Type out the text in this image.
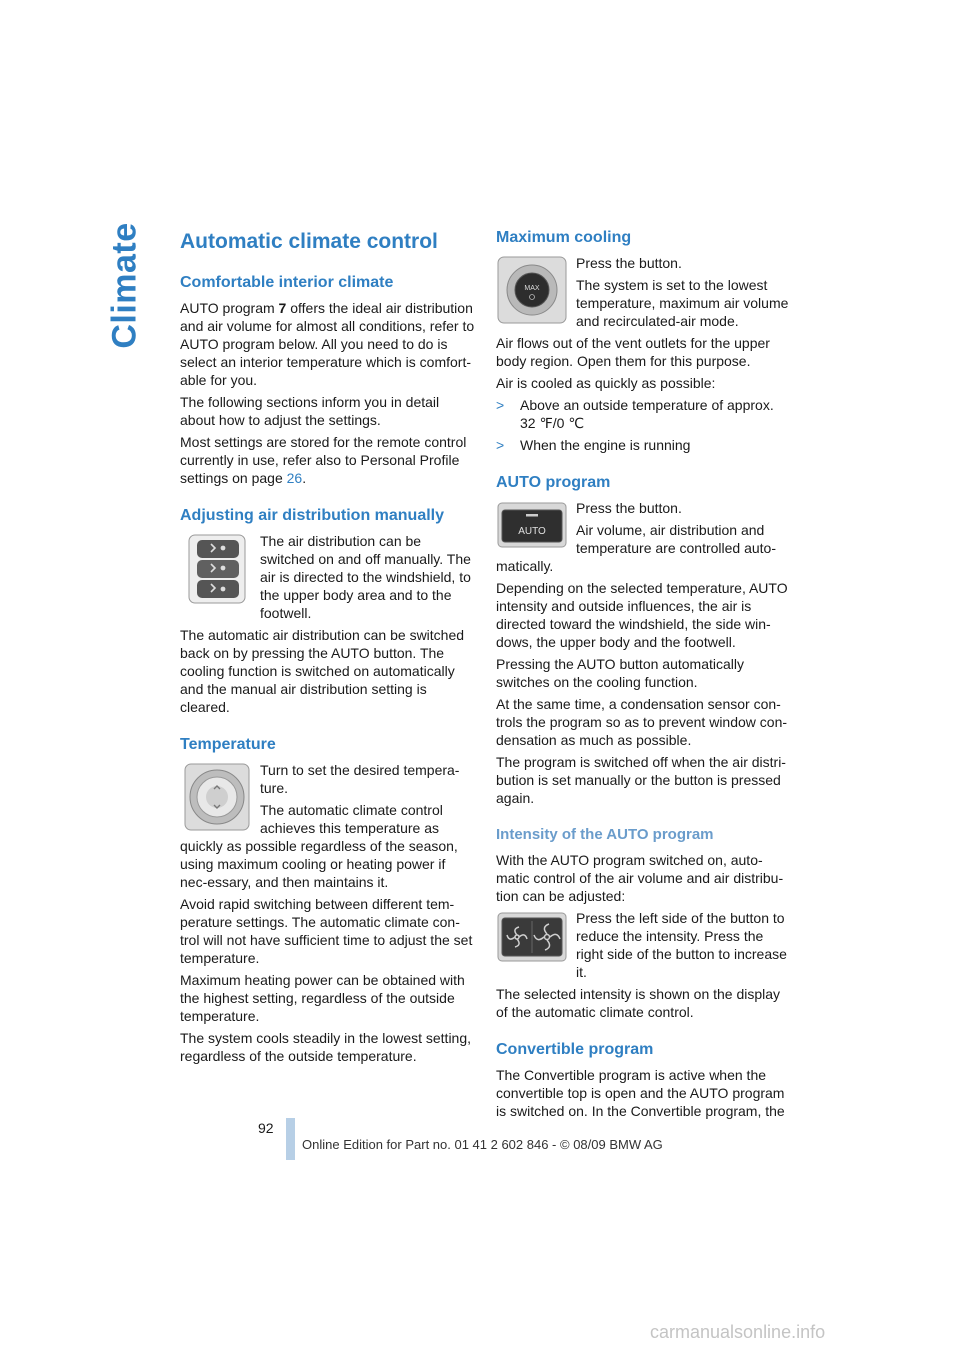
Climate Automatic climate control
Comfortable interior climate

AUTO program 7 offers the ideal air distribution and air volume for almost all conditions, refer to AUTO program below. All you need to do is select an interior temperature which is comfort-able for you.

The following sections inform you in detail about how to adjust the settings.

Most settings are stored for the remote control currently in use, refer also to Personal Profile settings on page 26.

Adjusting air distribution manually

The air distribution can be switched on and off manually. The air is directed to the windshield, to the upper body area and to the footwell.

The automatic air distribution can be switched back on by pressing the AUTO button. The cooling function is switched on automatically and the manual air distribution setting is cleared.

Temperature

Turn to set the desired tempera-ture.

The automatic climate control achieves this temperature as quickly as possible regardless of the season, using maximum cooling or heating power if nec-essary, and then maintains it.

Avoid rapid switching between different tem-perature settings. The automatic climate con-trol will not have sufficient time to adjust the set temperature.

Maximum heating power can be obtained with the highest setting, regardless of the outside temperature.

The system cools steadily in the lowest setting, regardless of the outside temperature.

Maximum cooling
MAX

Press the button.

The system is set to the lowest temperature, maximum air volume and recirculated-air mode.

Air flows out of the vent outlets for the upper body region. Open them for this purpose.

Air is cooled as quickly as possible:

>	Above an outside temperature of approx. 32 ℉/0 ℃
>	When the engine is running
AUTO program
AUTO

Press the button.

Air volume, air distribution and temperature are controlled auto-matically.

Depending on the selected temperature, AUTO intensity and outside influences, the air is directed toward the windshield, the side win-dows, the upper body and the footwell.

Pressing the AUTO button automatically switches on the cooling function.

At the same time, a condensation sensor con-trols the program so as to prevent window con-densation as much as possible.

The program is switched off when the air distri-bution is set manually or the button is pressed again.

Intensity of the AUTO program

With the AUTO program switched on, auto-matic control of the air volume and air distribu-tion can be adjusted:

Press the left side of the button to reduce the intensity. Press the right side of the button to increase it.

The selected intensity is shown on the display of the automatic climate control.

Convertible program

The Convertible program is active when the convertible top is open and the AUTO program is switched on. In the Convertible program, the

92
Online Edition for Part no. 01 41 2 602 846 - © 08/09 BMW AG
carmanualsonline.info
